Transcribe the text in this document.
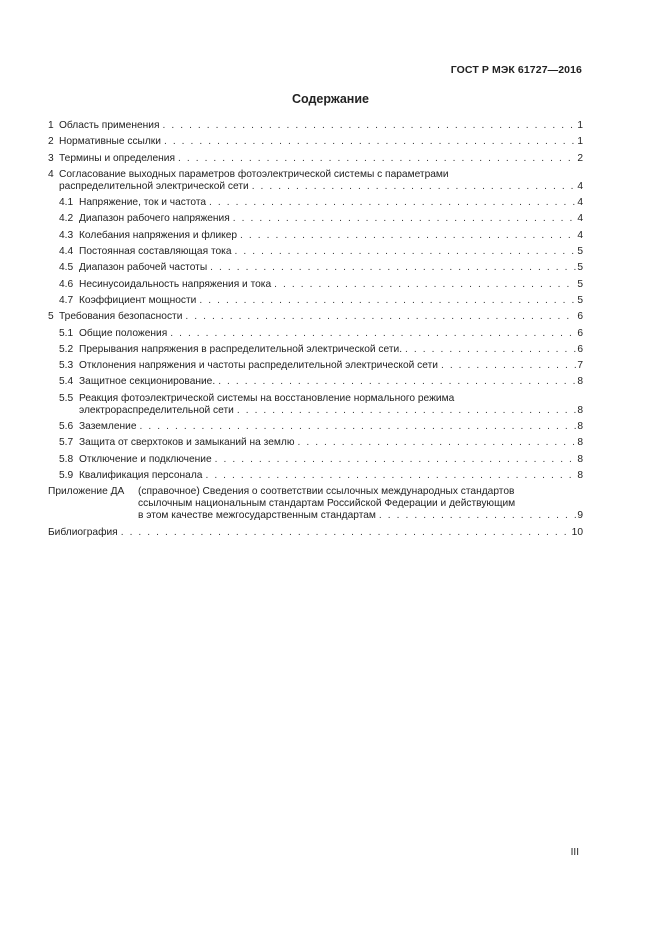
ГОСТ Р МЭК 61727—2016
Содержание
1 Область применения . . .	1
2 Нормативные ссылки . . .	1
3 Термины и определения . . .	2
4 Согласование выходных параметров фотоэлектрической системы с параметрами
распределительной электрической сети . . .	4
4.1 Напряжение, ток и частота . . .	4
4.2 Диапазон рабочего напряжения . . .	4
4.3 Колебания напряжения и фликер . . .	4
4.4 Постоянная составляющая тока . . .	5
4.5 Диапазон рабочей частоты . . .	5
4.6 Несинусоидальность напряжения и тока . . .	5
4.7 Коэффициент мощности . . .	5
5 Требования безопасности . . .	6
5.1 Общие положения . . .	6
5.2 Прерывания напряжения в распределительной электрической сети. . . .	6
5.3 Отклонения напряжения и частоты распределительной электрической сети . . .	7
5.4 Защитное секционирование. . . .	8
5.5 Реакция фотоэлектрической системы на восстановление нормального режима
электрораспределительной сети . . .	8
5.6 Заземление . . .	8
5.7 Защита от сверхтоков и замыканий на землю . . .	8
5.8 Отключение и подключение . . .	8
5.9 Квалификация персонала . . .	8
Приложение ДА	(справочное) Сведения о соответствии ссылочных международных стандартов
ссылочным национальным стандартам Российской Федерации и действующим
в этом качестве межгосударственным стандартам . . .	9
Библиография . . .	10
III
